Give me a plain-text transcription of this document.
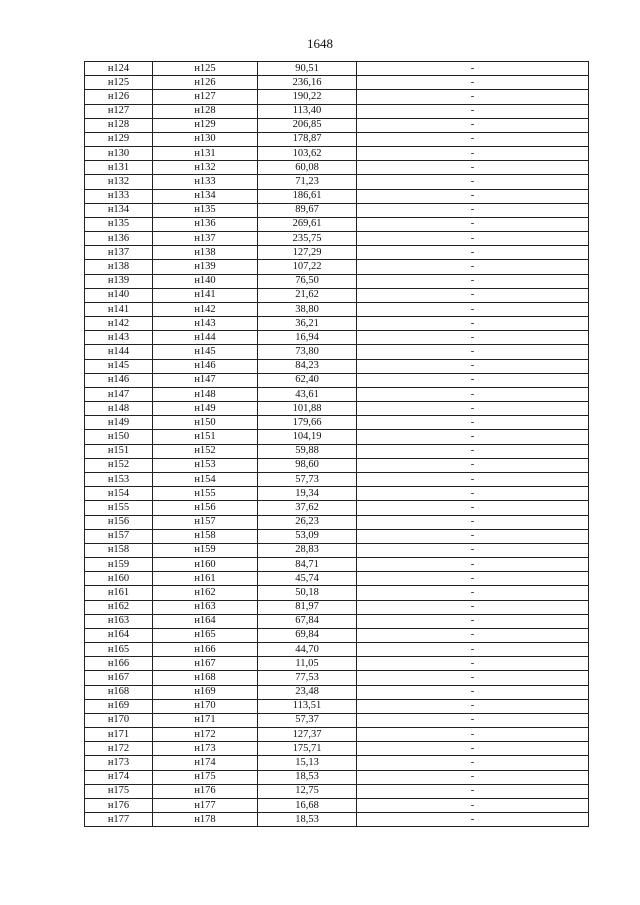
1648
н124	н125	90,51	-
н125	н126	236,16	-
н126	н127	190,22	-
н127	н128	113,40	-
н128	н129	206,85	-
н129	н130	178,87	-
н130	н131	103,62	-
н131	н132	60,08	-
н132	н133	71,23	-
н133	н134	186,61	-
н134	н135	89,67	-
н135	н136	269,61	-
н136	н137	235,75	-
н137	н138	127,29	-
н138	н139	107,22	-
н139	н140	76,50	-
н140	н141	21,62	-
н141	н142	38,80	-
н142	н143	36,21	-
н143	н144	16,94	-
н144	н145	73,80	-
н145	н146	84,23	-
н146	н147	62,40	-
н147	н148	43,61	-
н148	н149	101,88	-
н149	н150	179,66	-
н150	н151	104,19	-
н151	н152	59,88	-
н152	н153	98,60	-
н153	н154	57,73	-
н154	н155	19,34	-
н155	н156	37,62	-
н156	н157	26,23	-
н157	н158	53,09	-
н158	н159	28,83	-
н159	н160	84,71	-
н160	н161	45,74	-
н161	н162	50,18	-
н162	н163	81,97	-
н163	н164	67,84	-
н164	н165	69,84	-
н165	н166	44,70	-
н166	н167	11,05	-
н167	н168	77,53	-
н168	н169	23,48	-
н169	н170	113,51	-
н170	н171	57,37	-
н171	н172	127,37	-
н172	н173	175,71	-
н173	н174	15,13	-
н174	н175	18,53	-
н175	н176	12,75	-
н176	н177	16,68	-
н177	н178	18,53	-
